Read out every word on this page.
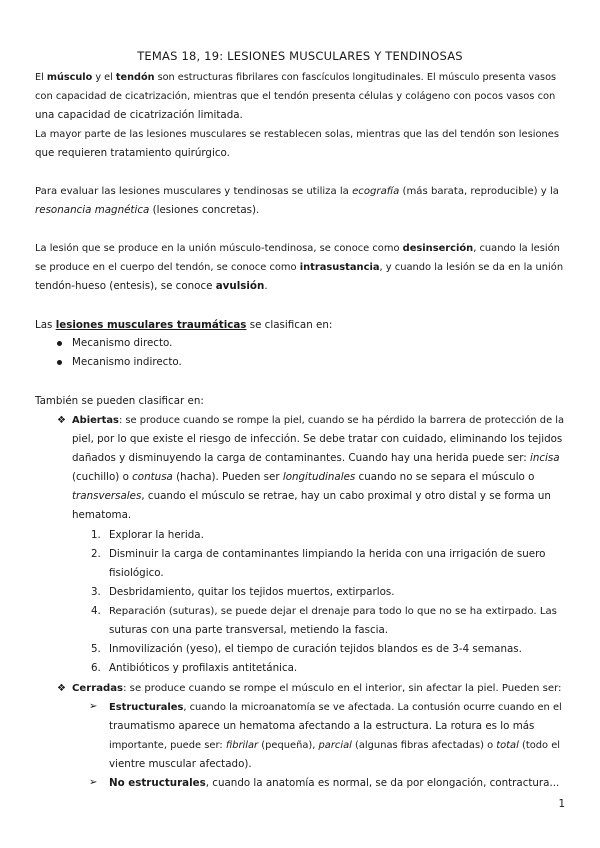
TEMAS 18, 19: LESIONES MUSCULARES Y TENDINOSAS
El músculo y el tendón son estructuras fibrilares con fascículos longitudinales. El músculo presenta vasos
con capacidad de cicatrización, mientras que el tendón presenta células y colágeno con pocos vasos con
una capacidad de cicatrización limitada.
La mayor parte de las lesiones musculares se restablecen solas, mientras que las del tendón son lesiones
que requieren tratamiento quirúrgico.
Para evaluar las lesiones musculares y tendinosas se utiliza la ecografía (más barata, reproducible) y la
resonancia magnética (lesiones concretas).
La lesión que se produce en la unión músculo-tendinosa, se conoce como desinserción, cuando la lesión
se produce en el cuerpo del tendón, se conoce como intrasustancia, y cuando la lesión se da en la unión
tendón-hueso (entesis), se conoce avulsión.
Las lesiones musculares traumáticas se clasifican en:
Mecanismo directo.
Mecanismo indirecto.
También se pueden clasificar en:
❖ Abiertas: se produce cuando se rompe la piel, cuando se ha pérdido la barrera de protección de la
piel, por lo que existe el riesgo de infección. Se debe tratar con cuidado, eliminando los tejidos
dañados y disminuyendo la carga de contaminantes. Cuando hay una herida puede ser: incisa
(cuchillo) o contusa (hacha). Pueden ser longitudinales cuando no se separa el músculo o
transversales, cuando el músculo se retrae, hay un cabo proximal y otro distal y se forma un
hematoma.
1. Explorar la herida.
2. Disminuir la carga de contaminantes limpiando la herida con una irrigación de suero
fisiológico.
3. Desbridamiento, quitar los tejidos muertos, extirparlos.
4. Reparación (suturas), se puede dejar el drenaje para todo lo que no se ha extirpado. Las
suturas con una parte transversal, metiendo la fascia.
5. Inmovilización (yeso), el tiempo de curación tejidos blandos es de 3-4 semanas.
6. Antibióticos y profilaxis antitetánica.
❖ Cerradas: se produce cuando se rompe el músculo en el interior, sin afectar la piel. Pueden ser:
➢ Estructurales, cuando la microanatomía se ve afectada. La contusión ocurre cuando en el
traumatismo aparece un hematoma afectando a la estructura. La rotura es lo más
importante, puede ser: fibrilar (pequeña), parcial (algunas fibras afectadas) o total (todo el
vientre muscular afectado).
➢ No estructurales, cuando la anatomía es normal, se da por elongación, contractura...
1
